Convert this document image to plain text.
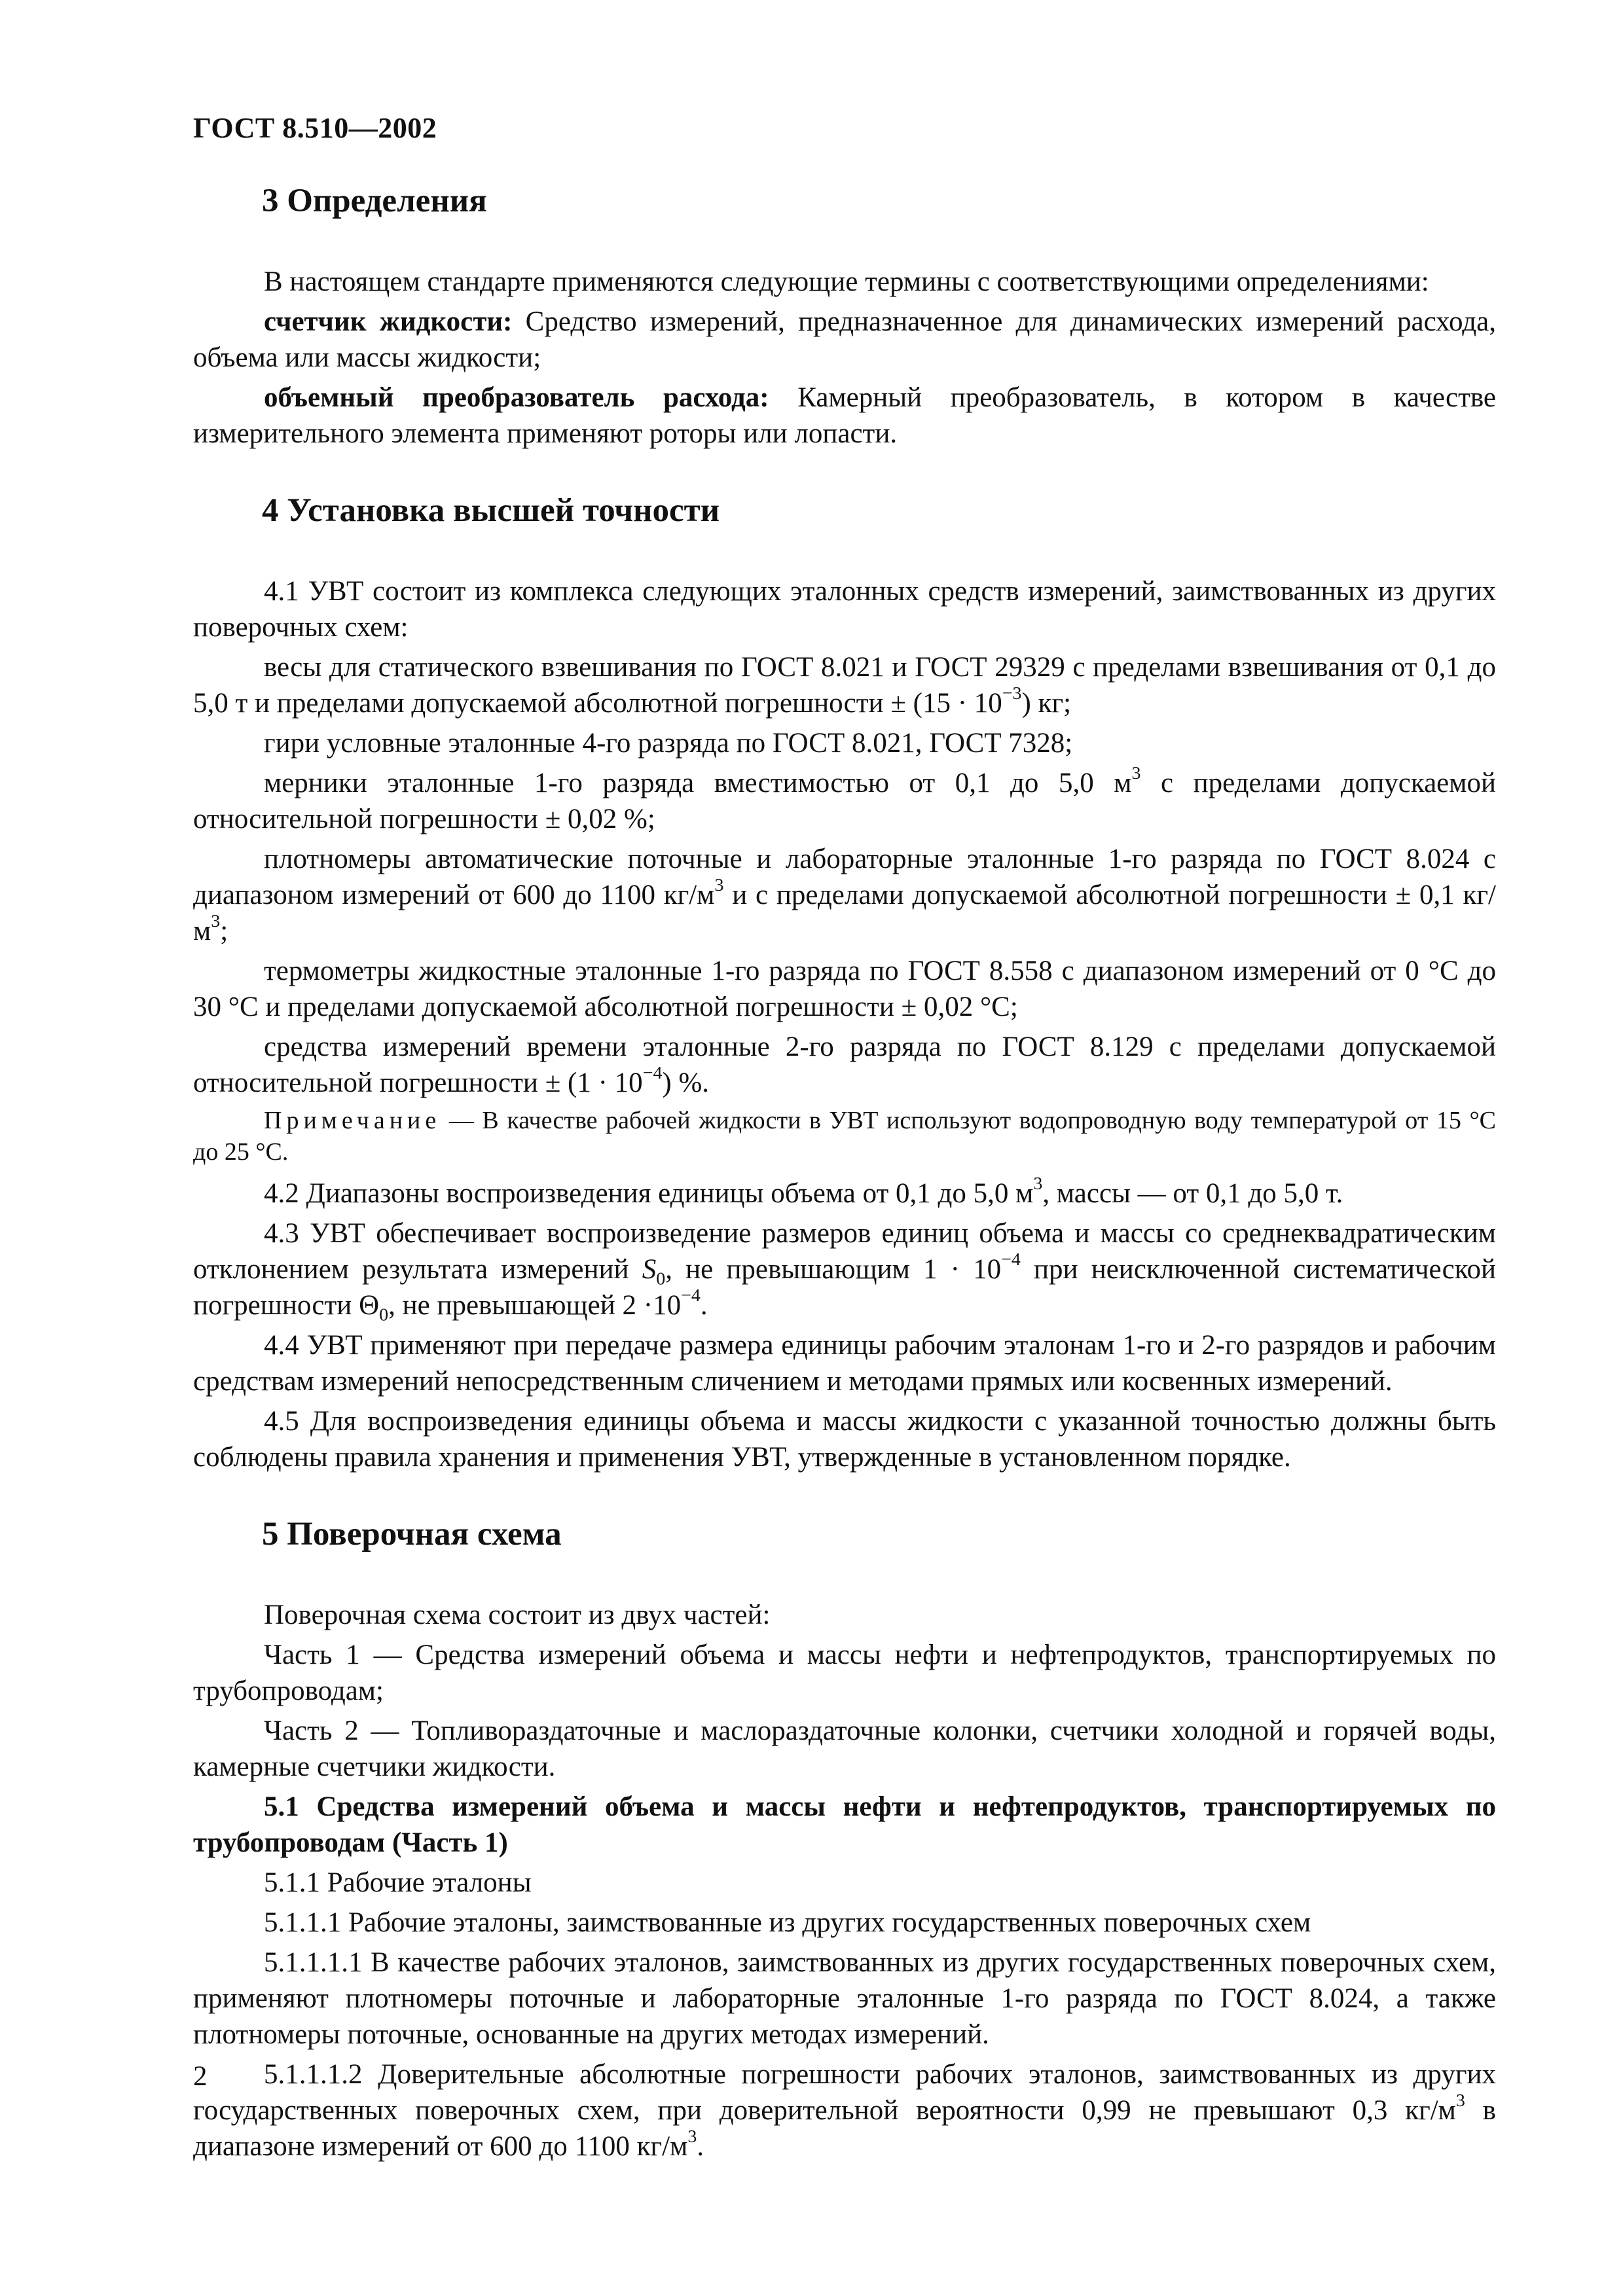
ГОСТ 8.510—2002
3 Определения

В настоящем стандарте применяются следующие термины с соответствующими определениями:

счетчик жидкости: Средство измерений, предназначенное для динамических измерений расхода, объема или массы жидкости;

объемный преобразователь расхода: Камерный преобразователь, в котором в качестве измерительного элемента применяют роторы или лопасти.

4 Установка высшей точности

4.1 УВТ состоит из комплекса следующих эталонных средств измерений, заимствованных из других поверочных схем:

весы для статического взвешивания по ГОСТ 8.021 и ГОСТ 29329 с пределами взвешивания от 0,1 до 5,0 т и пределами допускаемой абсолютной погрешности ± $(15 \cdot 10^{-3})$ кг;

гири условные эталонные 4-го разряда по ГОСТ 8.021, ГОСТ 7328;

мерники эталонные 1-го разряда вместимостью от 0,1 до 5,0 $м^3$ с пределами допускаемой относительной погрешности ± 0,02 %;

плотномеры автоматические поточные и лабораторные эталонные 1-го разряда по ГОСТ 8.024 с диапазоном измерений от 600 до 1100 $кг/м^3$ и с пределами допускаемой абсолютной погрешности ± 0,1 $кг/м^3$;

термометры жидкостные эталонные 1-го разряда по ГОСТ 8.558 с диапазоном измерений от 0 °С до 30 °С и пределами допускаемой абсолютной погрешности ± 0,02 °С;

средства измерений времени эталонные 2-го разряда по ГОСТ 8.129 с пределами допускаемой относительной погрешности ± $(1 \cdot 10^{-4})$ %.

Примечание — В качестве рабочей жидкости в УВТ используют водопроводную воду температурой от 15 °С до 25 °С.

4.2 Диапазоны воспроизведения единицы объема от 0,1 до 5,0 $м^3$, массы — от 0,1 до 5,0 т.

4.3 УВТ обеспечивает воспроизведение размеров единиц объема и массы со среднеквадратическим отклонением результата измерений $S_0$, не превышающим $1 \cdot 10^{-4}$ при неисключенной систематической погрешности $\Theta_0$, не превышающей $2 \cdot 10^{-4}$.

4.4 УВТ применяют при передаче размера единицы рабочим эталонам 1-го и 2-го разрядов и рабочим средствам измерений непосредственным сличением и методами прямых или косвенных измерений.

4.5 Для воспроизведения единицы объема и массы жидкости с указанной точностью должны быть соблюдены правила хранения и применения УВТ, утвержденные в установленном порядке.

5 Поверочная схема

Поверочная схема состоит из двух частей:

Часть 1 — Средства измерений объема и массы нефти и нефтепродуктов, транспортируемых по трубопроводам;

Часть 2 — Топливораздаточные и маслораздаточные колонки, счетчики холодной и горячей воды, камерные счетчики жидкости.

5.1 Средства измерений объема и массы нефти и нефтепродуктов, транспортируемых по трубопроводам (Часть 1)

5.1.1 Рабочие эталоны

5.1.1.1 Рабочие эталоны, заимствованные из других государственных поверочных схем

5.1.1.1.1 В качестве рабочих эталонов, заимствованных из других государственных поверочных схем, применяют плотномеры поточные и лабораторные эталонные 1-го разряда по ГОСТ 8.024, а также плотномеры поточные, основанные на других методах измерений.

5.1.1.1.2 Доверительные абсолютные погрешности рабочих эталонов, заимствованных из других государственных поверочных схем, при доверительной вероятности 0,99 не превышают 0,3 $кг/м^3$ в диапазоне измерений от 600 до 1100 $кг/м^3$.

2
